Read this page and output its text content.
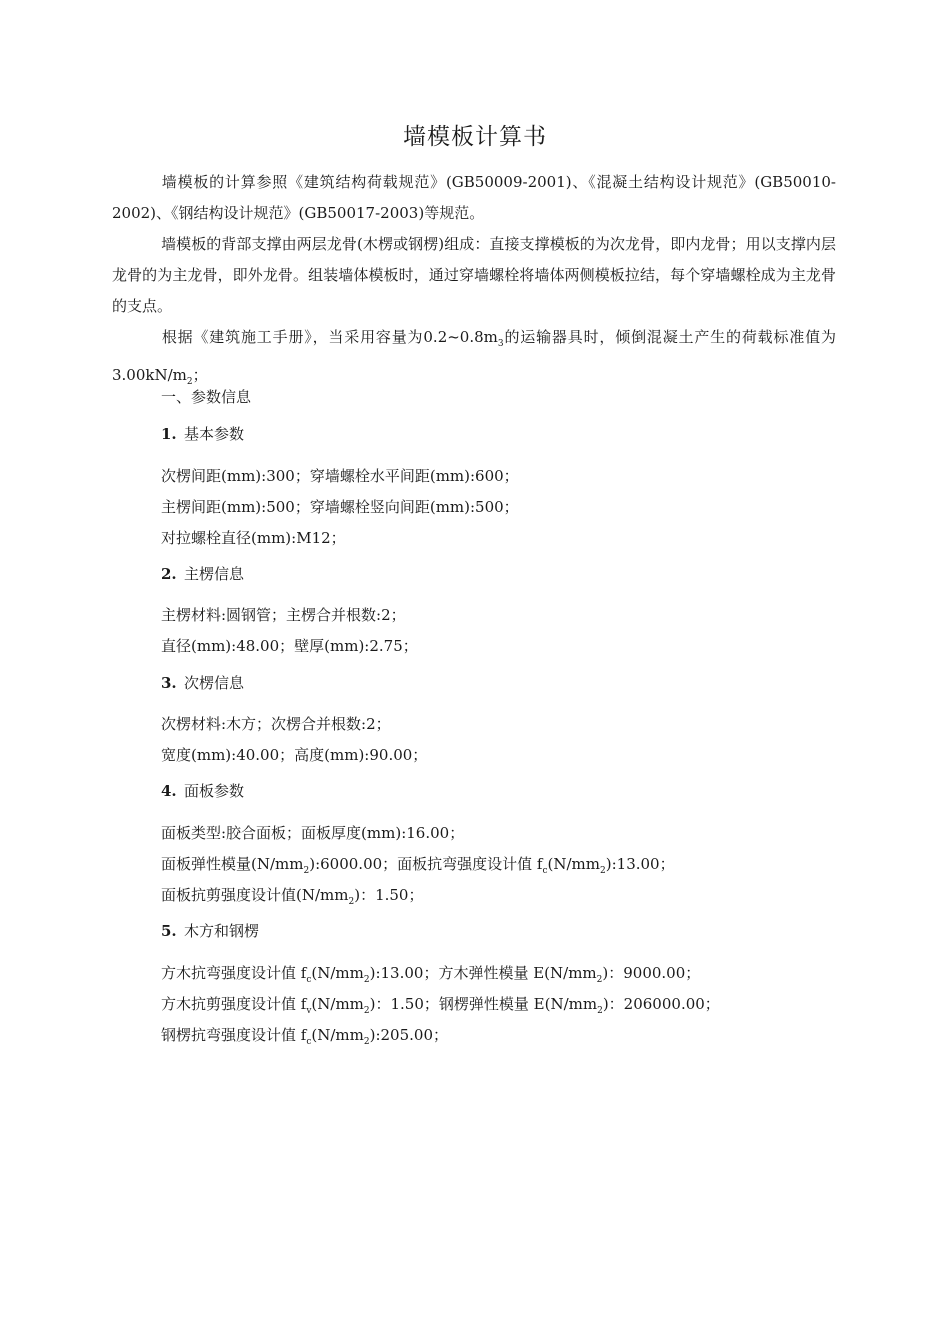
墙模板计算书
墙模板的计算参照《建筑结构荷载规范》(GB50009-2001)、《混凝土结构设计规范》(GB50010-2002)、《钢结构设计规范》(GB50017-2003)等规范。
墙模板的背部支撑由两层龙骨(木楞或钢楞)组成：直接支撑模板的为次龙骨，即内龙骨；用以支撑内层龙骨的为主龙骨，即外龙骨。组装墙体模板时，通过穿墙螺栓将墙体两侧模板拉结，每个穿墙螺栓成为主龙骨的支点。
根据《建筑施工手册》，当采用容量为$0.2\sim 0.8m_3$的运输器具时，倾倒混凝土产生的荷载标准值为$3.00kN/m_2$；
一、参数信息
1. 基本参数
次楞间距(mm):300；穿墙螺栓水平间距(mm):600；
主楞间距(mm):500；穿墙螺栓竖向间距(mm):500；
对拉螺栓直径(mm):M12；
2. 主楞信息
主楞材料:圆钢管；主楞合并根数:2；
直径(mm):48.00；壁厚(mm):2.75；
3. 次楞信息
次楞材料:木方；次楞合并根数:2；
宽度(mm):40.00；高度(mm):90.00；
4. 面板参数
面板类型:胶合面板；面板厚度(mm):16.00；
面板弹性模量$(N/mm_2):6000.00$；面板抗弯强度设计值 $f_c(N/mm_2):13.00$；
面板抗剪强度设计值$(N/mm_2)$：1.50；
5. 木方和钢楞
方木抗弯强度设计值 $f_c(N/mm_2):13.00$；方木弹性模量 $E(N/mm_2)$：9000.00；
方木抗剪强度设计值 $f_v(N/mm_2)$：1.50；钢楞弹性模量 $E(N/mm_2)$：206000.00；
钢楞抗弯强度设计值 $f_c(N/mm_2):205.00$；
